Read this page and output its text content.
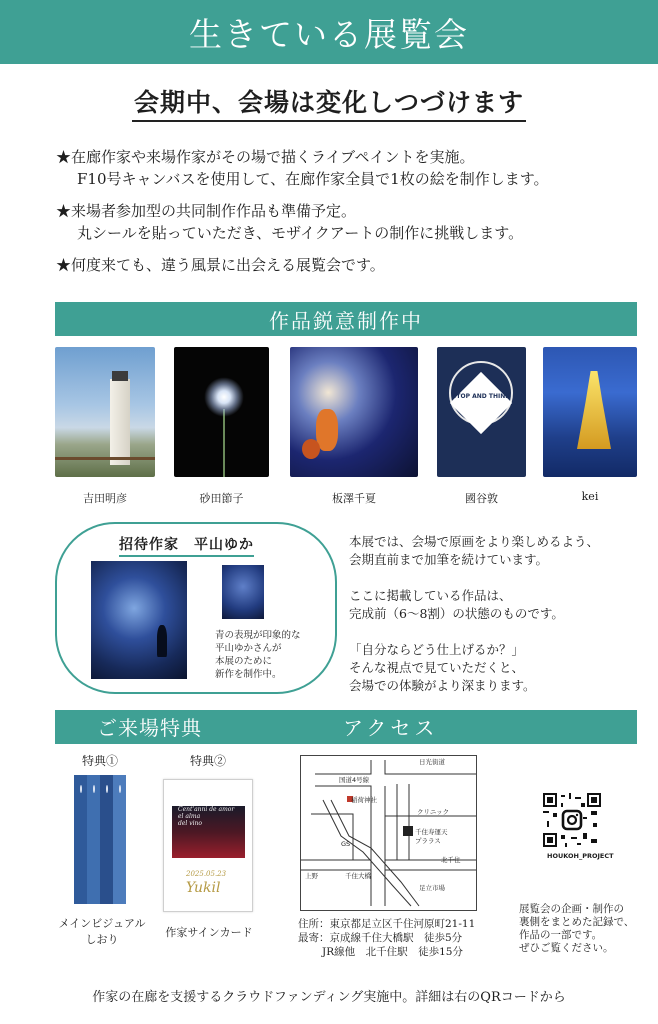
生きている展覧会
会期中、会場は変化しつづけます
★在廊作家や来場作家がその場で描くライブペイントを実施。
F10号キャンバスを使用して、在廊作家全員で1枚の絵を制作します。
★来場者参加型の共同制作作品も準備予定。
丸シールを貼っていただき、モザイクアートの制作に挑戦します。
★何度来ても、違う風景に出会える展覧会です。
作品鋭意制作中
吉田明彦	砂田節子	板澤千夏
STOP AND THINK
國谷敦	kei
招待作家　平山ゆか
青の表現が印象的な
平山ゆかさんが
本展のために
新作を制作中。

本展では、会場で原画をより楽しめるよう、
会期直前まで加筆を続けています。

ここに掲載している作品は、
完成前（6〜8割）の状態のものです。

「自分ならどう仕上げるか？」
そんな視点で見ていただくと、
会場での体験がより深まります。

ご来場特典	アクセス
特典①
メインビジュアル
しおり
特典②
Cent'anni de amor
el alma
del vino
2025.05.23
Yukil
作家サインカード
国道4号線
稲荷神社
GS
千住大橋
足立市場
クリニック
千住寿運天
プララス
日光街道
北千住
上野
住所：東京都足立区千住河原町21-11
最寄：京成線千住大橋駅　徒歩5分
JR線他　北千住駅　徒歩15分
HOUKOH_PROJECT
展覧会の企画・制作の
裏側をまとめた記録で、
作品の一部です。
ぜひご覧ください。
作家の在廊を支援するクラウドファンディング実施中。詳細は右のQRコードから
